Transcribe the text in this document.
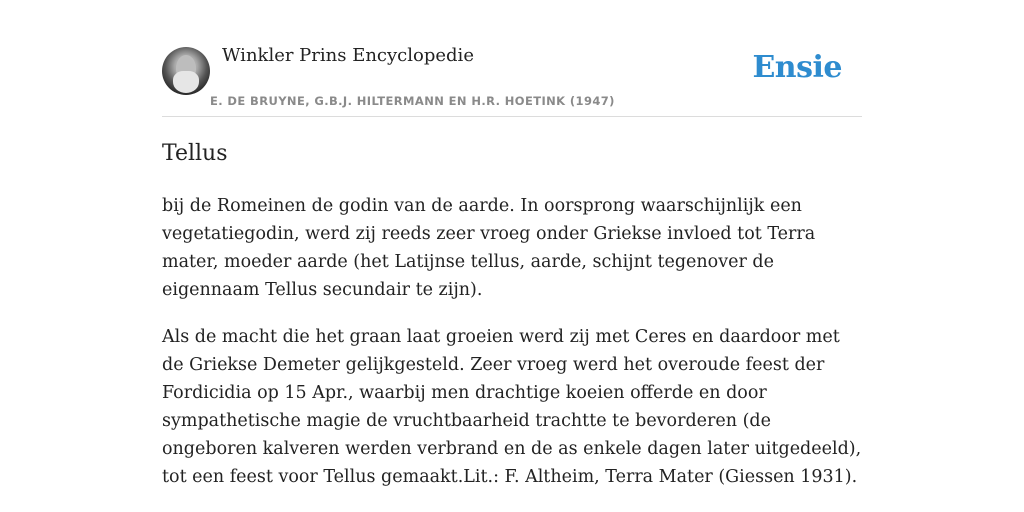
Winkler Prins Encyclopedie
E. DE BRUYNE, G.B.J. HILTERMANN EN H.R. HOETINK (1947)
Ensie
Tellus

bij de Romeinen de godin van de aarde. In oorsprong waarschijnlijk een vegetatiegodin, werd zij reeds zeer vroeg onder Griekse invloed tot Terra mater, moeder aarde (het Latijnse tellus, aarde, schijnt tegenover de eigennaam Tellus secundair te zijn).

Als de macht die het graan laat groeien werd zij met Ceres en daardoor met de Griekse Demeter gelijkgesteld. Zeer vroeg werd het overoude feest der Fordicidia op 15 Apr., waarbij men drachtige koeien offerde en door sympathetische magie de vruchtbaarheid trachtte te bevorderen (de ongeboren kalveren werden verbrand en de as enkele dagen later uitgedeeld), tot een feest voor Tellus gemaakt.Lit.: F. Altheim, Terra Mater (Giessen 1931).
